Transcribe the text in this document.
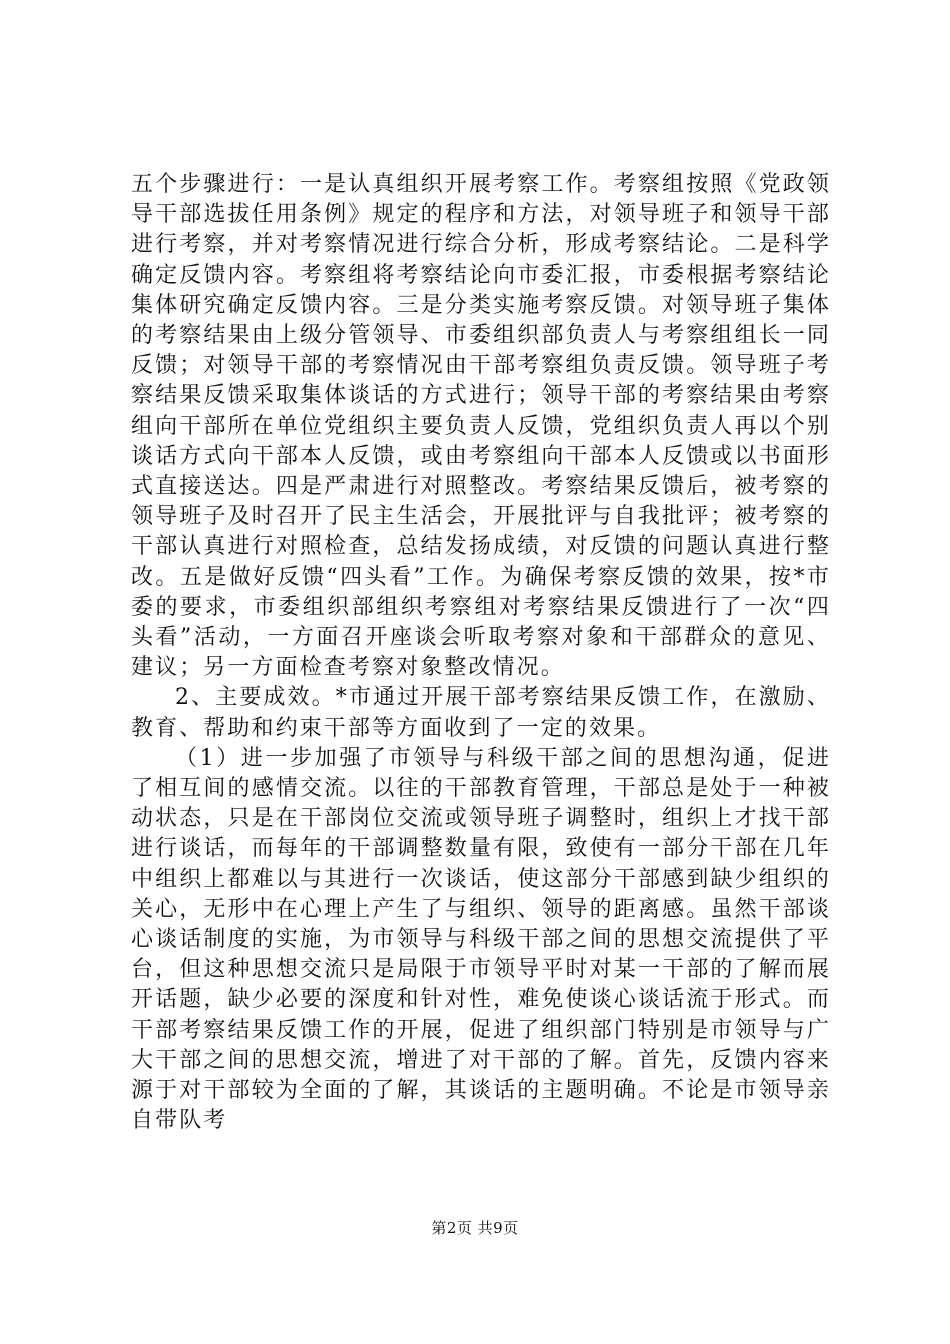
五个步骤进行：一是认真组织开展考察工作。考察组按照《党政领导干部选拔任用条例》规定的程序和方法，对领导班子和领导干部进行考察，并对考察情况进行综合分析，形成考察结论。二是科学确定反馈内容。考察组将考察结论向市委汇报，市委根据考察结论集体研究确定反馈内容。三是分类实施考察反馈。对领导班子集体的考察结果由上级分管领导、市委组织部负责人与考察组组长一同反馈；对领导干部的考察情况由干部考察组负责反馈。领导班子考察结果反馈采取集体谈话的方式进行；领导干部的考察结果由考察组向干部所在单位党组织主要负责人反馈，党组织负责人再以个别谈话方式向干部本人反馈，或由考察组向干部本人反馈或以书面形式直接送达。四是严肃进行对照整改。考察结果反馈后，被考察的领导班子及时召开了民主生活会，开展批评与自我批评；被考察的干部认真进行对照检查，总结发扬成绩，对反馈的问题认真进行整改。五是做好反馈“四头看”工作。为确保考察反馈的效果，按*市委的要求，市委组织部组织考察组对考察结果反馈进行了一次“四头看”活动，一方面召开座谈会听取考察对象和干部群众的意见、建议；另一方面检查考察对象整改情况。

2、主要成效。*市通过开展干部考察结果反馈工作，在激励、教育、帮助和约束干部等方面收到了一定的效果。

（1）进一步加强了市领导与科级干部之间的思想沟通，促进了相互间的感情交流。以往的干部教育管理，干部总是处于一种被动状态，只是在干部岗位交流或领导班子调整时，组织上才找干部进行谈话，而每年的干部调整数量有限，致使有一部分干部在几年中组织上都难以与其进行一次谈话，使这部分干部感到缺少组织的关心，无形中在心理上产生了与组织、领导的距离感。虽然干部谈心谈话制度的实施，为市领导与科级干部之间的思想交流提供了平台，但这种思想交流只是局限于市领导平时对某一干部的了解而展开话题，缺少必要的深度和针对性，难免使谈心谈话流于形式。而干部考察结果反馈工作的开展，促进了组织部门特别是市领导与广大干部之间的思想交流，增进了对干部的了解。首先，反馈内容来源于对干部较为全面的了解，其谈话的主题明确。不论是市领导亲自带队考

第2页 共9页
